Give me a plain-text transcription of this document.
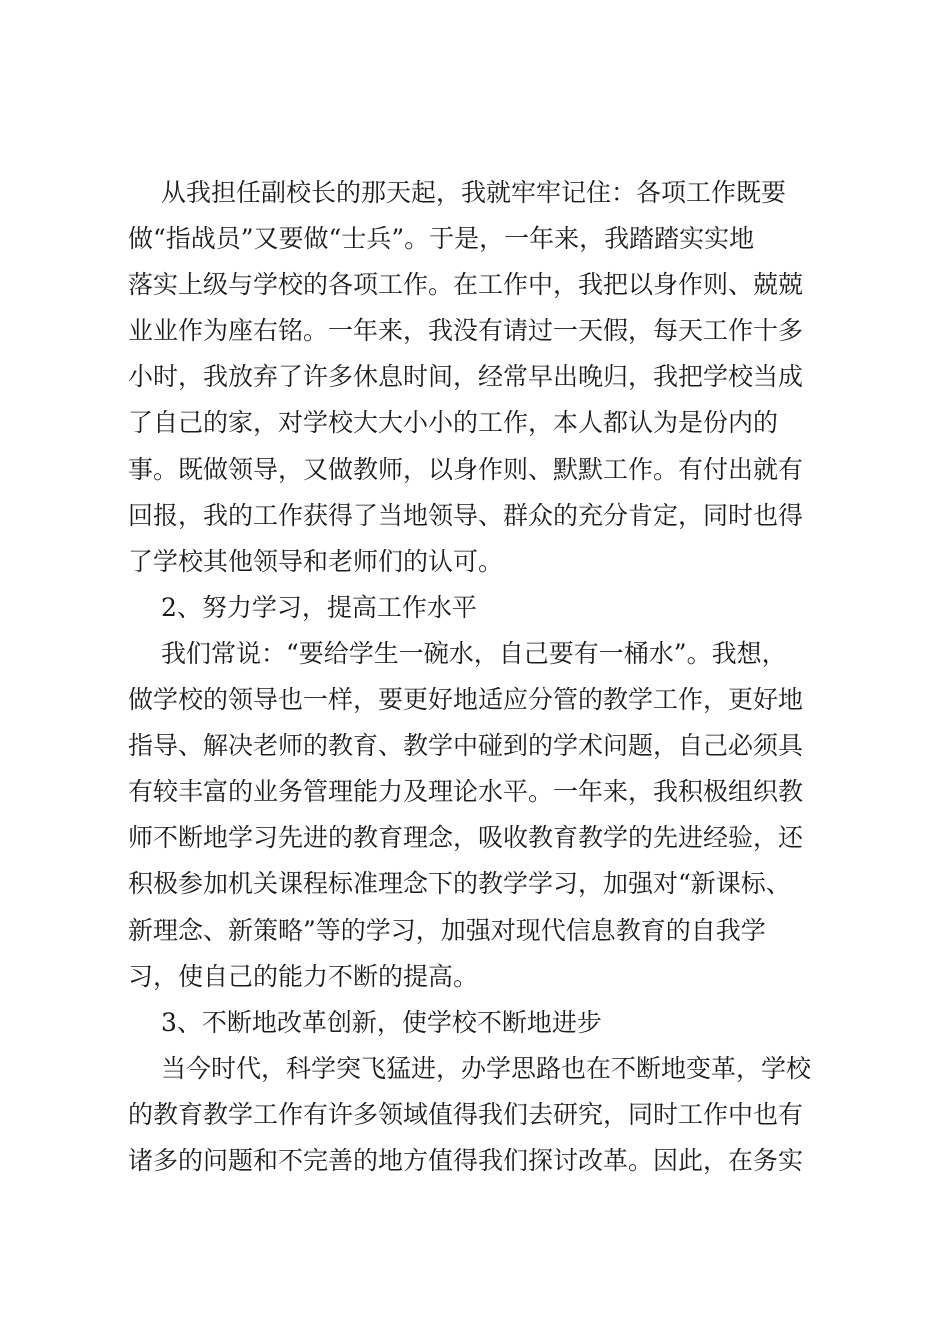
从我担任副校长的那天起，我就牢牢记住：各项工作既要
做“指战员”又要做“士兵”。于是，一年来，我踏踏实实地
落实上级与学校的各项工作。在工作中，我把以身作则、兢兢
业业作为座右铭。一年来，我没有请过一天假，每天工作十多
小时，我放弃了许多休息时间，经常早出晚归，我把学校当成
了自己的家，对学校大大小小的工作，本人都认为是份内的
事。既做领导，又做教师，以身作则、默默工作。有付出就有
回报，我的工作获得了当地领导、群众的充分肯定，同时也得
了学校其他领导和老师们的认可。
2、努力学习，提高工作水平
我们常说：“要给学生一碗水，自己要有一桶水”。我想，
做学校的领导也一样，要更好地适应分管的教学工作，更好地
指导、解决老师的教育、教学中碰到的学术问题，自己必须具
有较丰富的业务管理能力及理论水平。一年来，我积极组织教
师不断地学习先进的教育理念，吸收教育教学的先进经验，还
积极参加机关课程标准理念下的教学学习，加强对“新课标、
新理念、新策略”等的学习，加强对现代信息教育的自我学
习，使自己的能力不断的提高。
3、不断地改革创新，使学校不断地进步
当今时代，科学突飞猛进，办学思路也在不断地变革，学校
的教育教学工作有许多领域值得我们去研究，同时工作中也有
诸多的问题和不完善的地方值得我们探讨改革。因此，在务实
